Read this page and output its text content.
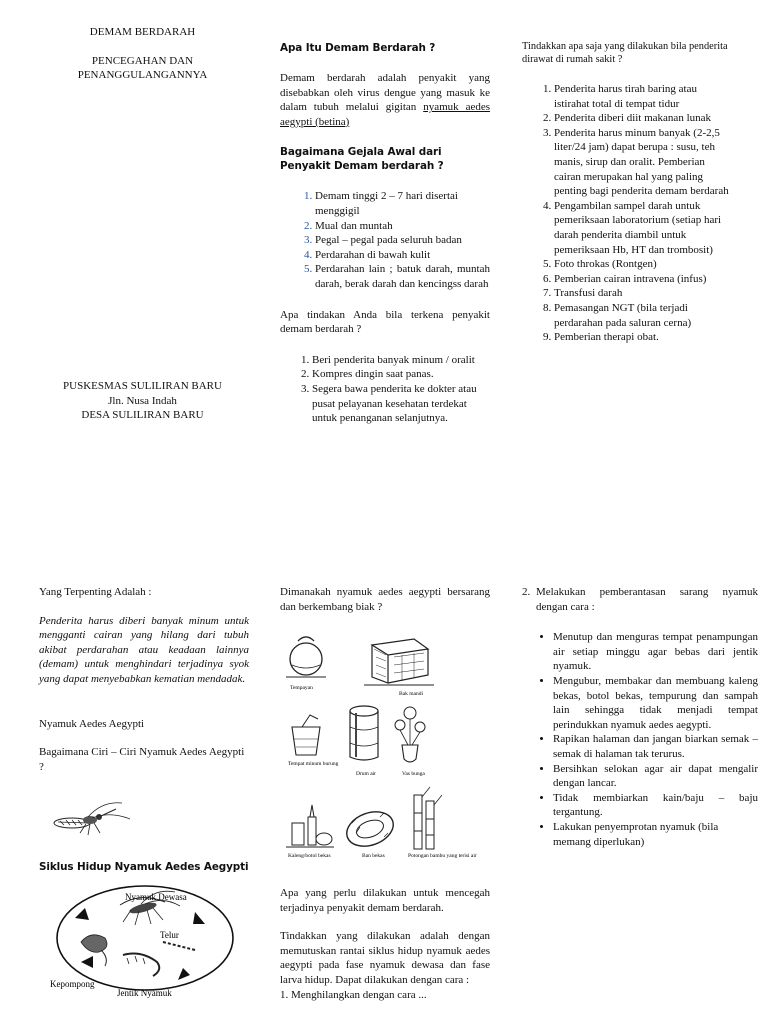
DEMAM BERDARAH

PENCEGAHAN DAN

PENANGGULANGANNYA

PUSKESMAS SULILIRAN BARU

Jln. Nusa Indah

DESA SULILIRAN BARU

Apa Itu Demam Berdarah ?

Demam berdarah adalah penyakit yang disebabkan oleh virus dengue yang masuk ke dalam tubuh melalui gigitan nyamuk aedes aegypti (betina)

Bagaimana Gejala Awal dari Penyakit Demam berdarah ?

1. Demam tinggi 2 – 7 hari disertai menggigil
2. Mual dan muntah
3. Pegal – pegal pada seluruh badan
4. Perdarahan di bawah kulit
5. Perdarahan lain ; batuk darah, muntah darah, berak darah dan kencingss darah

Apa tindakan Anda bila terkena penyakit demam berdarah ?

1. Beri penderita banyak minum / oralit
2. Kompres dingin saat panas.
3. Segera bawa penderita ke dokter atau pusat pelayanan kesehatan terdekat untuk penanganan selanjutnya.

Tindakkan apa saja yang dilakukan bila penderita dirawat di rumah sakit ?

1. Penderita harus tirah baring atau istirahat total di tempat tidur
2. Penderita diberi diit makanan lunak
3. Penderita harus minum banyak (2-2,5 liter/24 jam) dapat berupa : susu, teh manis, sirup dan oralit. Pemberian cairan merupakan hal yang paling penting bagi penderita demam berdarah
4. Pengambilan sampel darah untuk pemeriksaan laboratorium (setiap hari darah penderita diambil untuk pemeriksaan Hb, HT dan trombosit)
5. Foto throkas (Rontgen)
6. Pemberian cairan intravena (infus)
7. Transfusi darah
8. Pemasangan NGT (bila terjadi perdarahan pada saluran cerna)
9. Pemberian therapi obat.

Yang Terpenting Adalah :

Penderita harus diberi banyak minum untuk mengganti cairan yang hilang dari tubuh akibat perdarahan atau keadaan lainnya (demam) untuk menghindari terjadinya syok yang dapat menyebabkan kematian mendadak.

Nyamuk Aedes Aegypti

Bagaimana Ciri – Ciri Nyamuk Aedes Aegypti ?

Siklus Hidup Nyamuk Aedes Aegypti

Nyamuk Dewasa
Telur
Kepompong
Jentik Nyamuk

Dimanakah nyamuk aedes aegypti bersarang dan berkembang biak ?

Tempayan
Bak mandi
Tempat minum burung
Drum air	Vas bunga
Kaleng/botol bekas	Ban bekas	Potongan bambu yang terisi air

Apa yang perlu dilakukan untuk mencegah terjadinya penyakit demam berdarah.

Tindakkan yang dilakukan adalah dengan memutuskan rantai siklus hidup nyamuk aedes aegypti pada fase nyamuk dewasa dan fase larva hidup. Dapat dilakukan dengan cara :

1. Menghilangkan dengan cara ...

2. Melakukan pemberantasan sarang nyamuk dengan cara :
• Menutup dan menguras tempat penampungan air setiap minggu agar bebas dari jentik nyamuk.
• Mengubur, membakar dan membuang kaleng bekas, botol bekas, tempurung dan sampah lain sehingga tidak menjadi tempat perindukkan nyamuk aedes aegypti.
• Rapikan halaman dan jangan biarkan semak – semak di halaman tak terurus.
• Bersihkan selokan agar air dapat mengalir dengan lancar.
• Tidak membiarkan kain/baju – baju tergantung.
• Lakukan penyemprotan nyamuk (bila memang diperlukan)
